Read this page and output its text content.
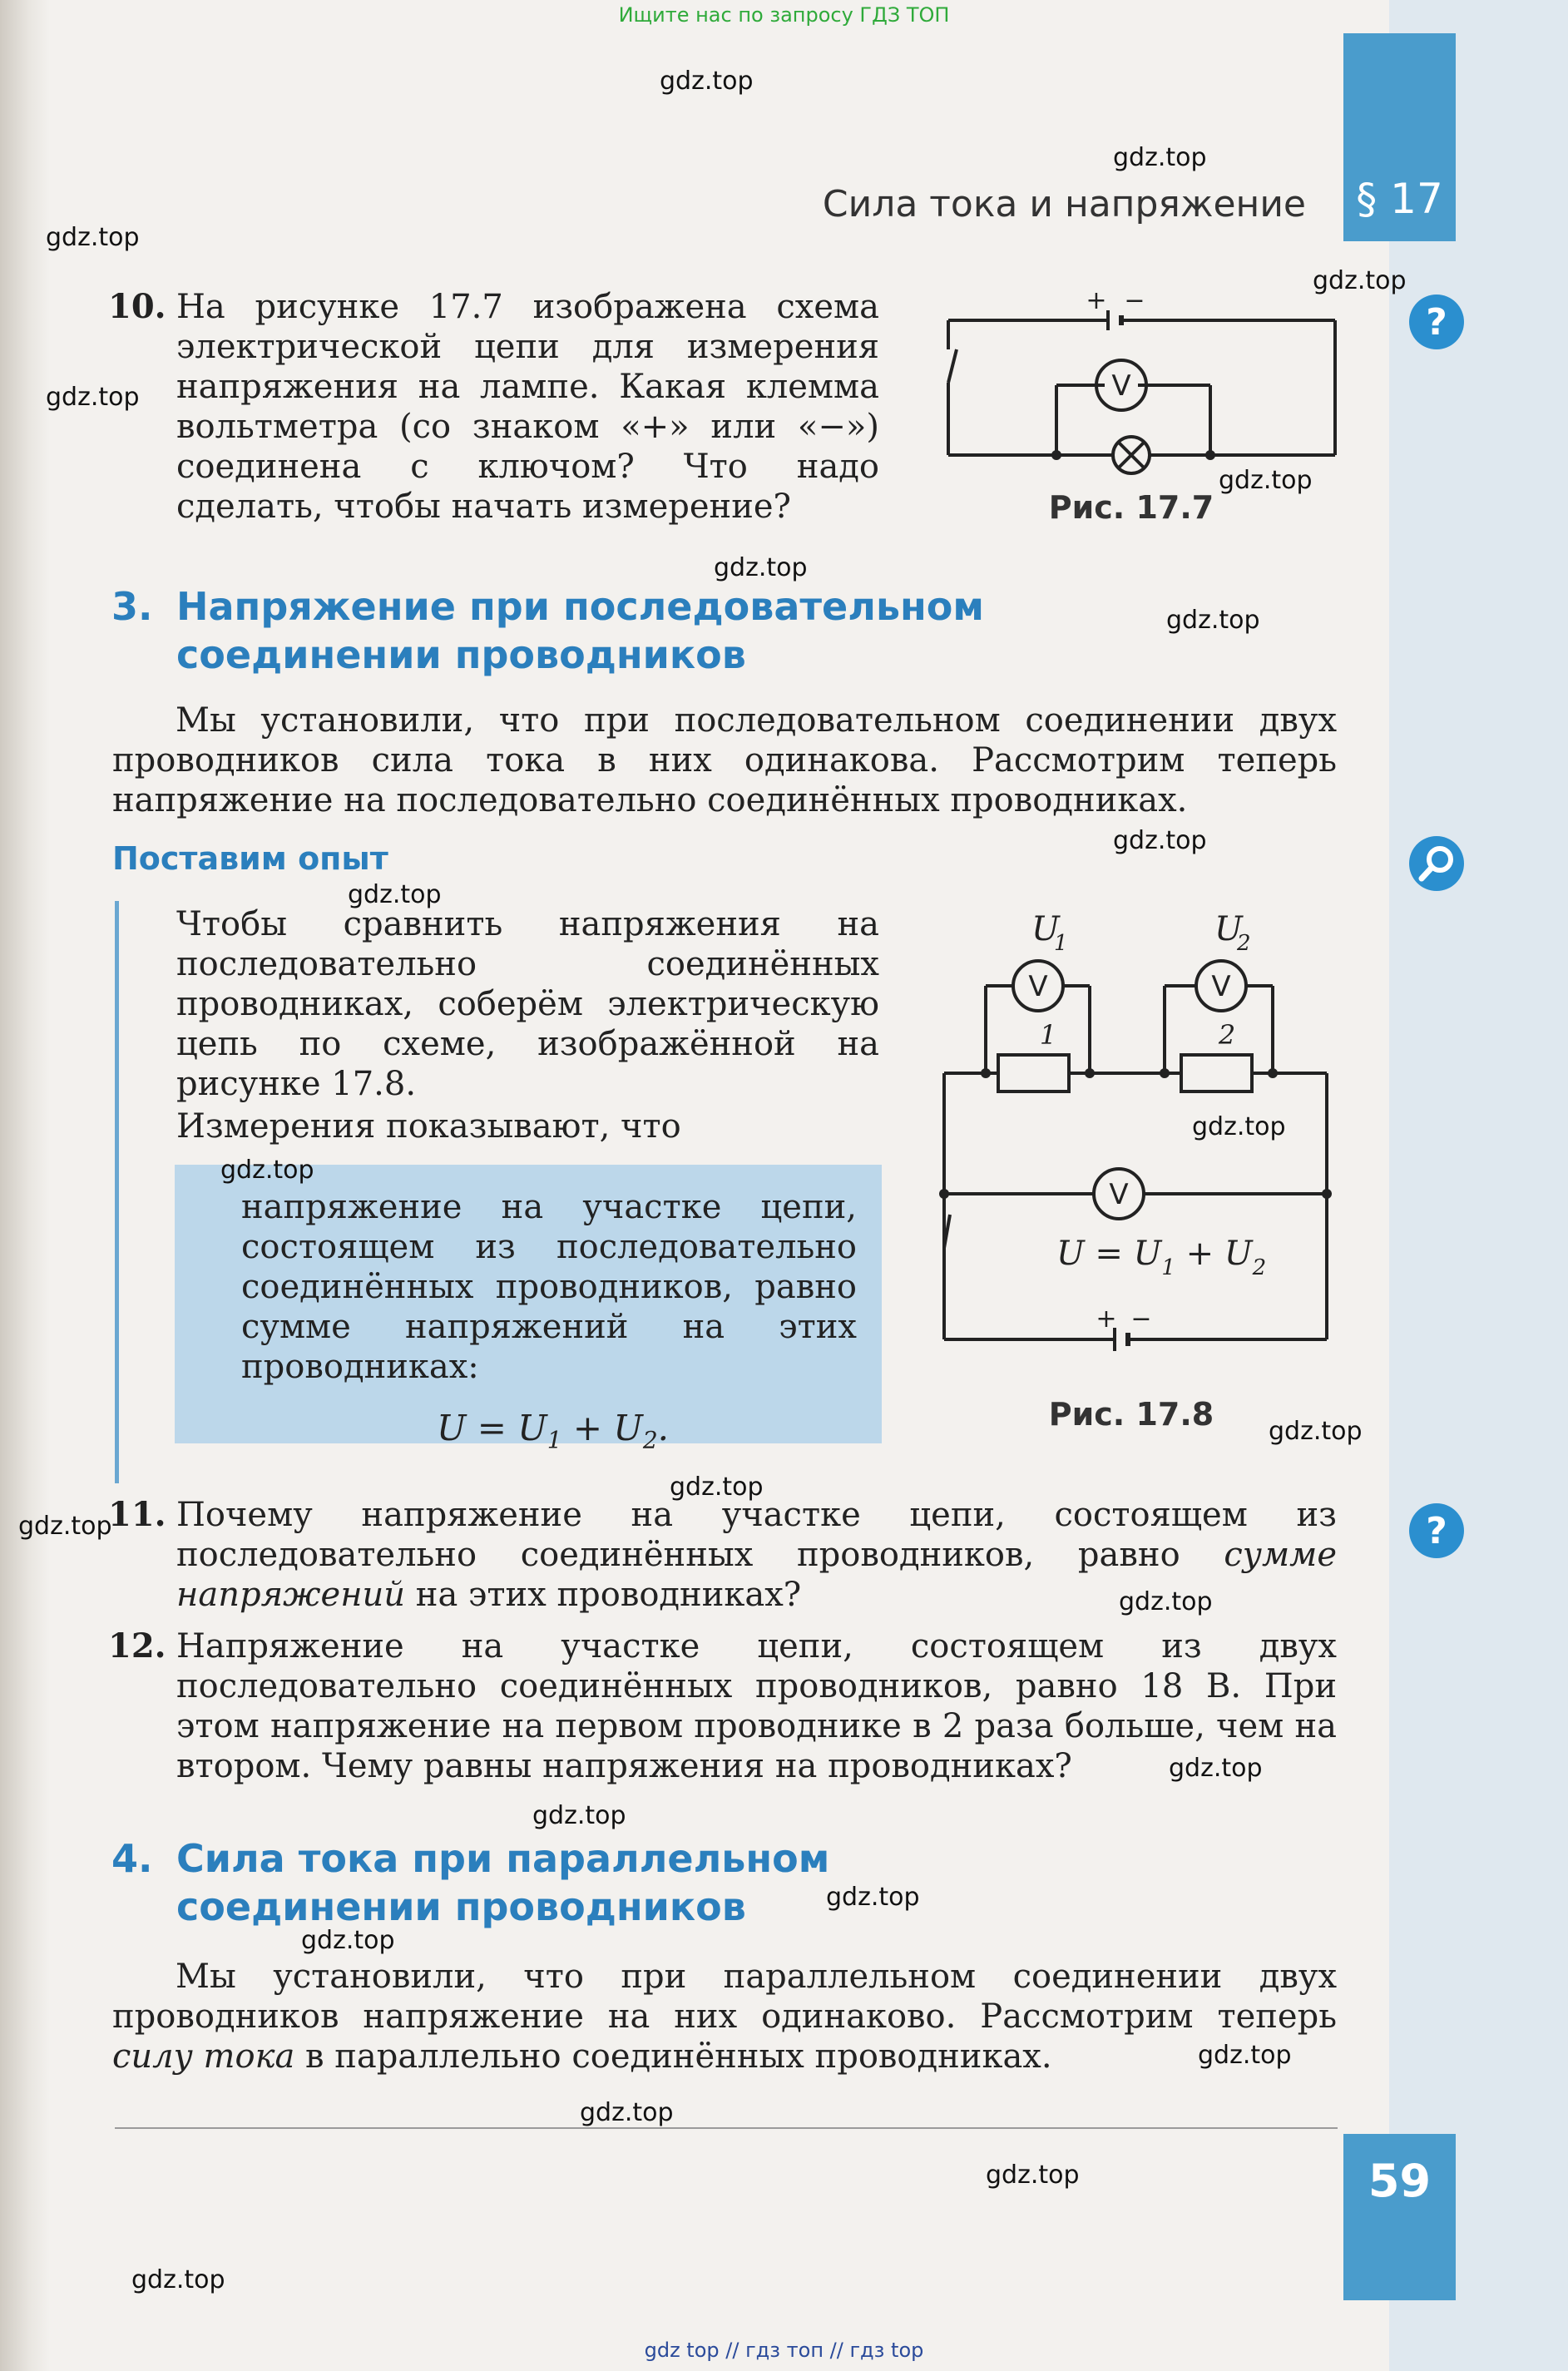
§ 17
59
Ищите нас по запросу ГДЗ ТОП
gdz top // гдз топ // гдз top
Сила тока и напряжение
?
?
10. На рисунке 17.7 изображена схема электрической цепи для измерения напряжения на лампе. Какая клемма вольтметра (со знаком «+» или «−») соединена с ключом? Что надо сделать, чтобы начать измерение?
V
+ −
Рис. 17.7
3. Напряжение при последовательном
соединении проводников
Мы установили, что при последовательном соединении двух проводников сила тока в них одинакова. Рассмотрим теперь напряжение на последовательно соединённых проводниках.
Поставим опыт
Чтобы сравнить напряжения на последовательно соединённых проводниках, соберём электрическую цепь по схеме, изображённой на рисунке 17.8.
Измерения показывают, что
напряжение на участке цепи, состоящем из последовательно соединённых проводников, равно сумме напряжений на этих проводниках:
$U = U_1 + U_2$.
V	V
V
+ −
U
1	U
2
1	2
$U = U_1 + U_2$
Рис. 17.8
11. Почему напряжение на участке цепи, состоящем из последовательно соединённых проводников, равно сумме напряжений на этих проводниках?
12. Напряжение на участке цепи, состоящем из двух последовательно соединённых проводников, равно 18 В. При этом напряжение на первом проводнике в 2 раза больше, чем на втором. Чему равны напряжения на проводниках?
4. Сила тока при параллельном
соединении проводников
Мы установили, что при параллельном соединении двух проводников напряжение на них одинаково. Рассмотрим теперь силу тока в параллельно соединённых проводниках.
gdz.top
gdz.top
gdz.top
gdz.top
gdz.top
gdz.top
gdz.top
gdz.top
gdz.top
gdz.top
gdz.top
gdz.top
gdz.top
gdz.top
gdz.top
gdz.top
gdz.top
gdz.top
gdz.top
gdz.top
gdz.top
gdz.top
gdz.top
gdz.top
